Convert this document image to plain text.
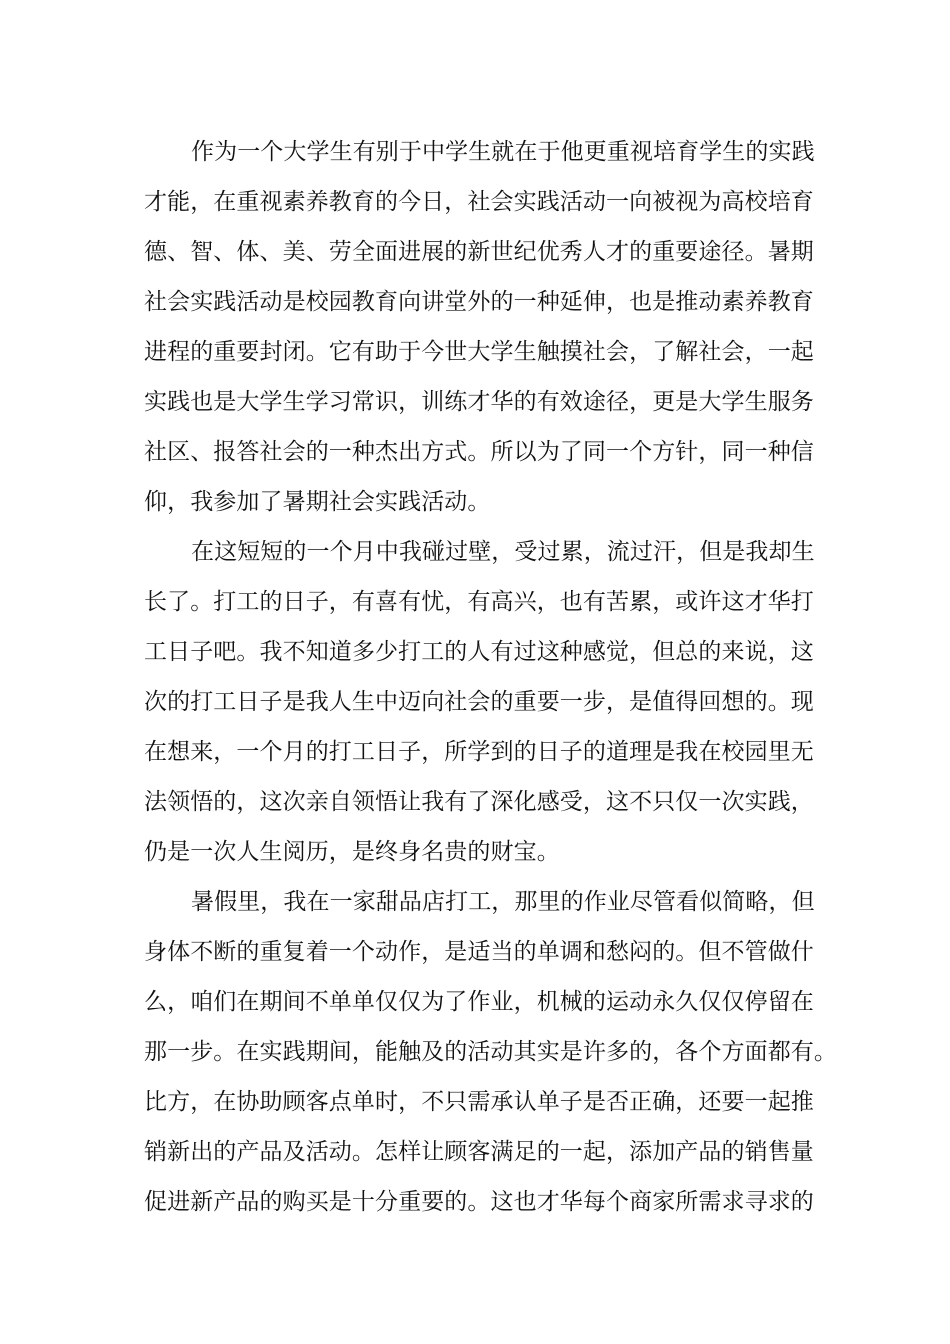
作为一个大学生有别于中学生就在于他更重视培育学生的实践

才能，在重视素养教育的今日，社会实践活动一向被视为高校培育

德、智、体、美、劳全面进展的新世纪优秀人才的重要途径。暑期

社会实践活动是校园教育向讲堂外的一种延伸，也是推动素养教育

进程的重要封闭。它有助于今世大学生触摸社会，了解社会，一起

实践也是大学生学习常识，训练才华的有效途径，更是大学生服务

社区、报答社会的一种杰出方式。所以为了同一个方针，同一种信

仰，我参加了暑期社会实践活动。

在这短短的一个月中我碰过壁，受过累，流过汗，但是我却生

长了。打工的日子，有喜有忧，有高兴，也有苦累，或许这才华打

工日子吧。我不知道多少打工的人有过这种感觉，但总的来说，这

次的打工日子是我人生中迈向社会的重要一步，是值得回想的。现

在想来，一个月的打工日子，所学到的日子的道理是我在校园里无

法领悟的，这次亲自领悟让我有了深化感受，这不只仅一次实践，

仍是一次人生阅历，是终身名贵的财宝。

暑假里，我在一家甜品店打工，那里的作业尽管看似简略，但

身体不断的重复着一个动作，是适当的单调和愁闷的。但不管做什

么，咱们在期间不单单仅仅为了作业，机械的运动永久仅仅停留在

那一步。在实践期间，能触及的活动其实是许多的，各个方面都有。

比方，在协助顾客点单时，不只需承认单子是否正确，还要一起推

销新出的产品及活动。怎样让顾客满足的一起，添加产品的销售量

促进新产品的购买是十分重要的。这也才华每个商家所需求寻求的
